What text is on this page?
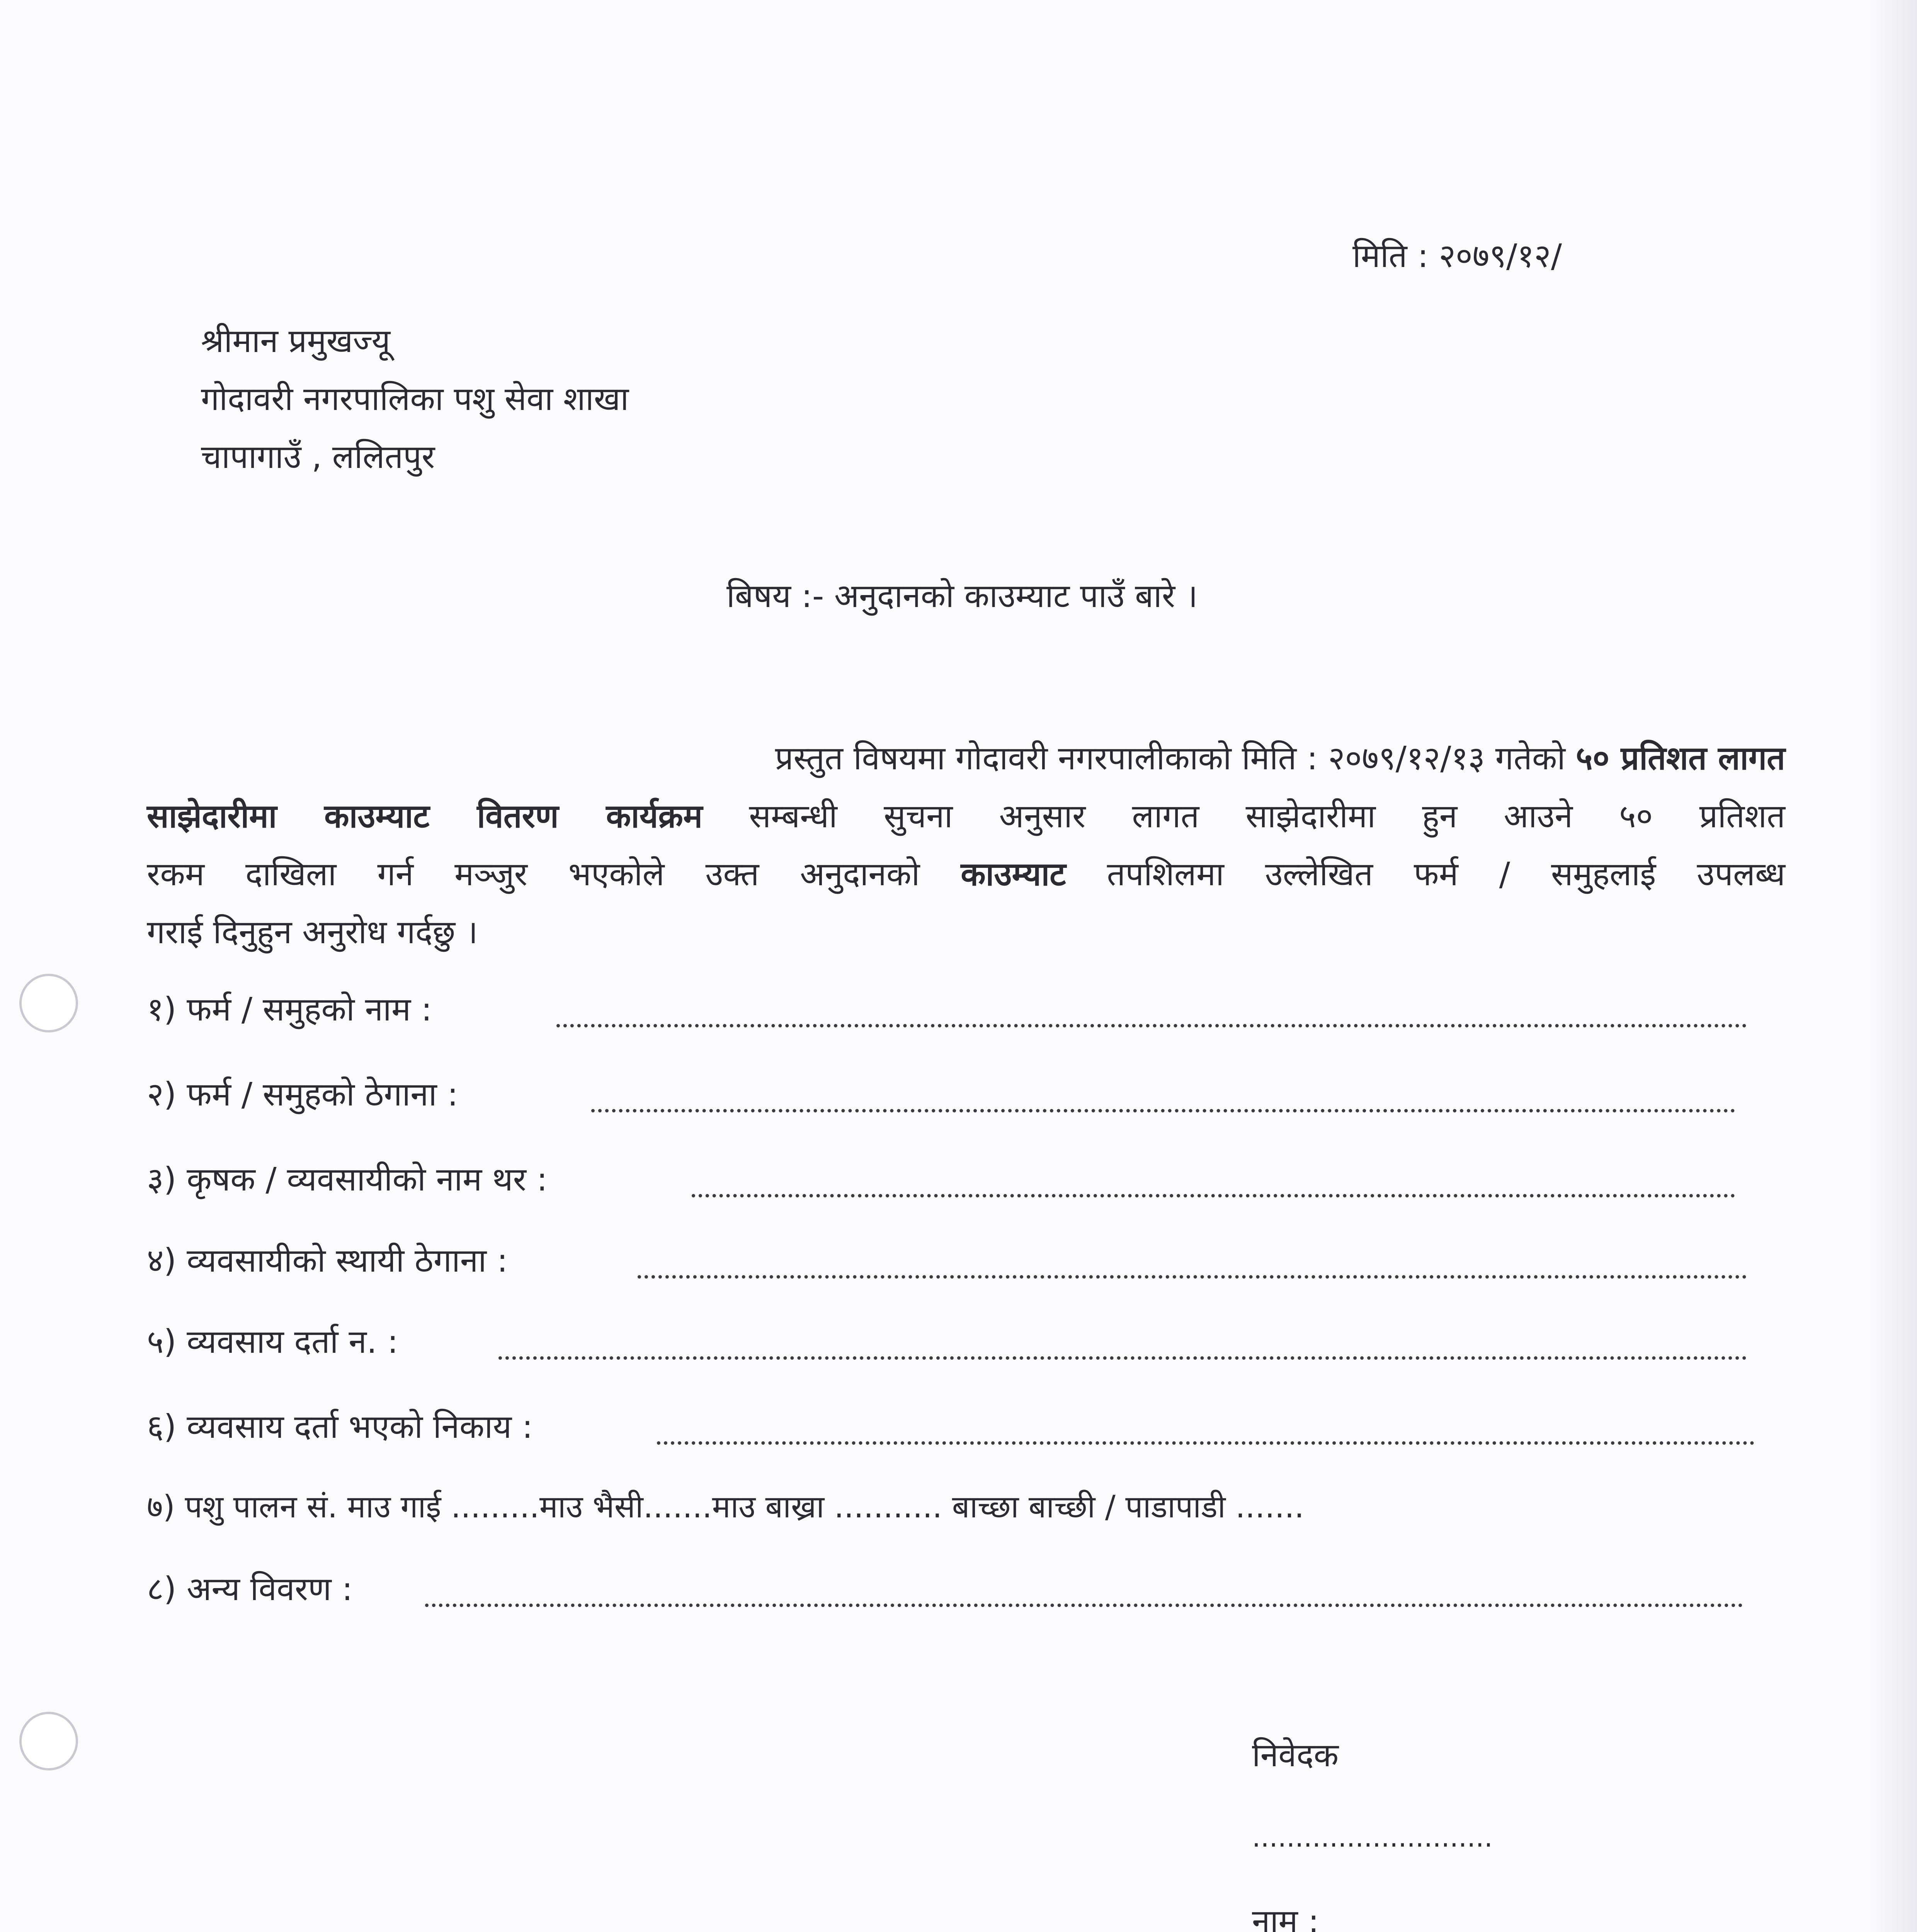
मिति : २०७९/१२/
श्रीमान प्रमुखज्यू
गोदावरी नगरपालिका पशु सेवा शाखा
चापागाउँ , ललितपुर
बिषय :- अनुदानको काउम्याट पाउँ बारे ।
प्रस्तुत विषयमा गोदावरी नगरपालीकाको मिति : २०७९/१२/१३ गतेको ५० प्रतिशत लागत
साझेदारीमा काउम्याट वितरण कार्यक्रम सम्बन्धी सुचना अनुसार लागत साझेदारीमा हुन आउने ५० प्रतिशत
रकम दाखिला गर्न मञ्जुर भएकोले उक्त अनुदानको काउम्याट तपशिलमा उल्लेखित फर्म / समुहलाई उपलब्ध
गराई दिनुहुन अनुरोध गर्दछु ।
१) फर्म / समुहको नाम :
२) फर्म / समुहको ठेगाना :
३) कृषक / व्यवसायीको नाम थर :
४) व्यवसायीको स्थायी ठेगाना :
५) व्यवसाय दर्ता न. :
६) व्यवसाय दर्ता भएको निकाय :
७) पशु पालन सं. माउ गाई .........माउ भैसी.......माउ बाख्रा ........... बाच्छा बाच्छी / पाडापाडी .......
८) अन्य विवरण :
निवेदक
............................
नाम :
